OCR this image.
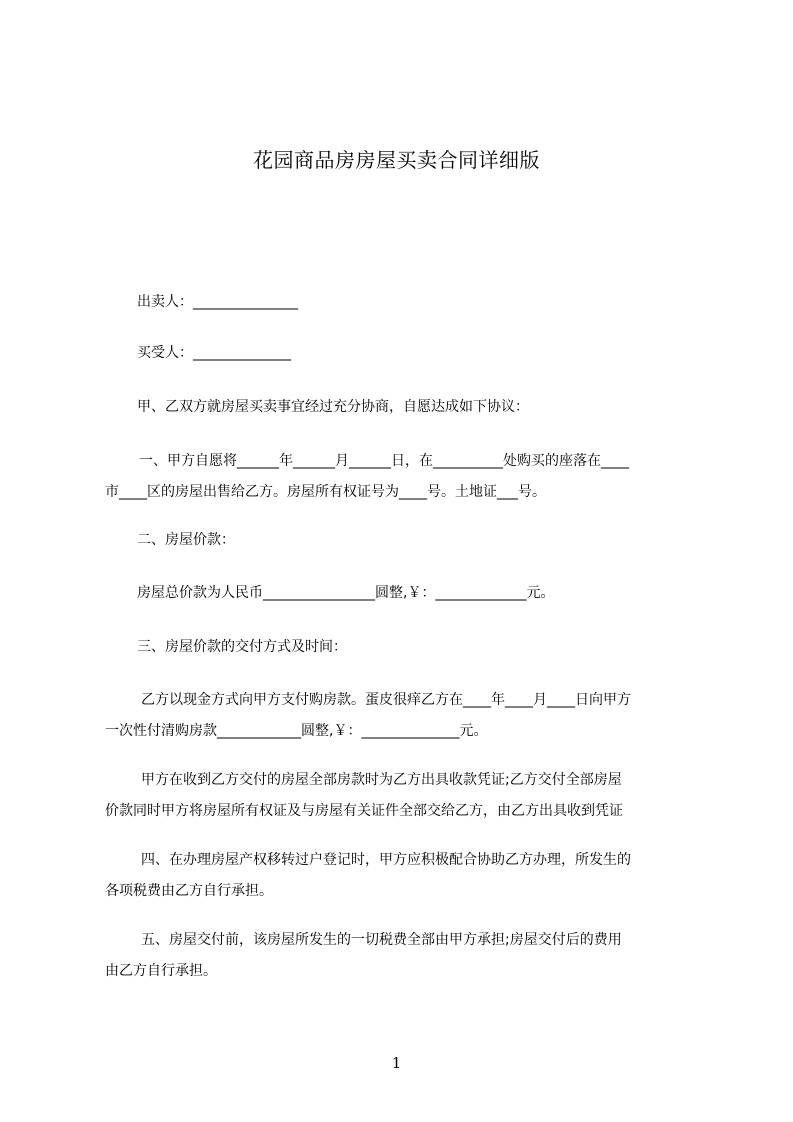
花园商品房房屋买卖合同详细版
出卖人：_______________
买受人：______________
甲、乙双方就房屋买卖事宜经过充分协商，自愿达成如下协议：
一、甲方自愿将______年______月______日，在__________处购买的座落在____
市____区的房屋出售给乙方。房屋所有权证号为____号。土地证___号。
二、房屋价款：
房屋总价款为人民币________________圆整,￥：_____________元。
三、房屋价款的交付方式及时间：
乙方以现金方式向甲方支付购房款。蛋皮很痒乙方在____年____月____日向甲方
一次性付清购房款____________圆整,￥：______________元。
甲方在收到乙方交付的房屋全部房款时为乙方出具收款凭证;乙方交付全部房屋
价款同时甲方将房屋所有权证及与房屋有关证件全部交给乙方，由乙方出具收到凭证
四、在办理房屋产权移转过户登记时，甲方应积极配合协助乙方办理，所发生的
各项税费由乙方自行承担。
五、房屋交付前，该房屋所发生的一切税费全部由甲方承担;房屋交付后的费用
由乙方自行承担。
1
